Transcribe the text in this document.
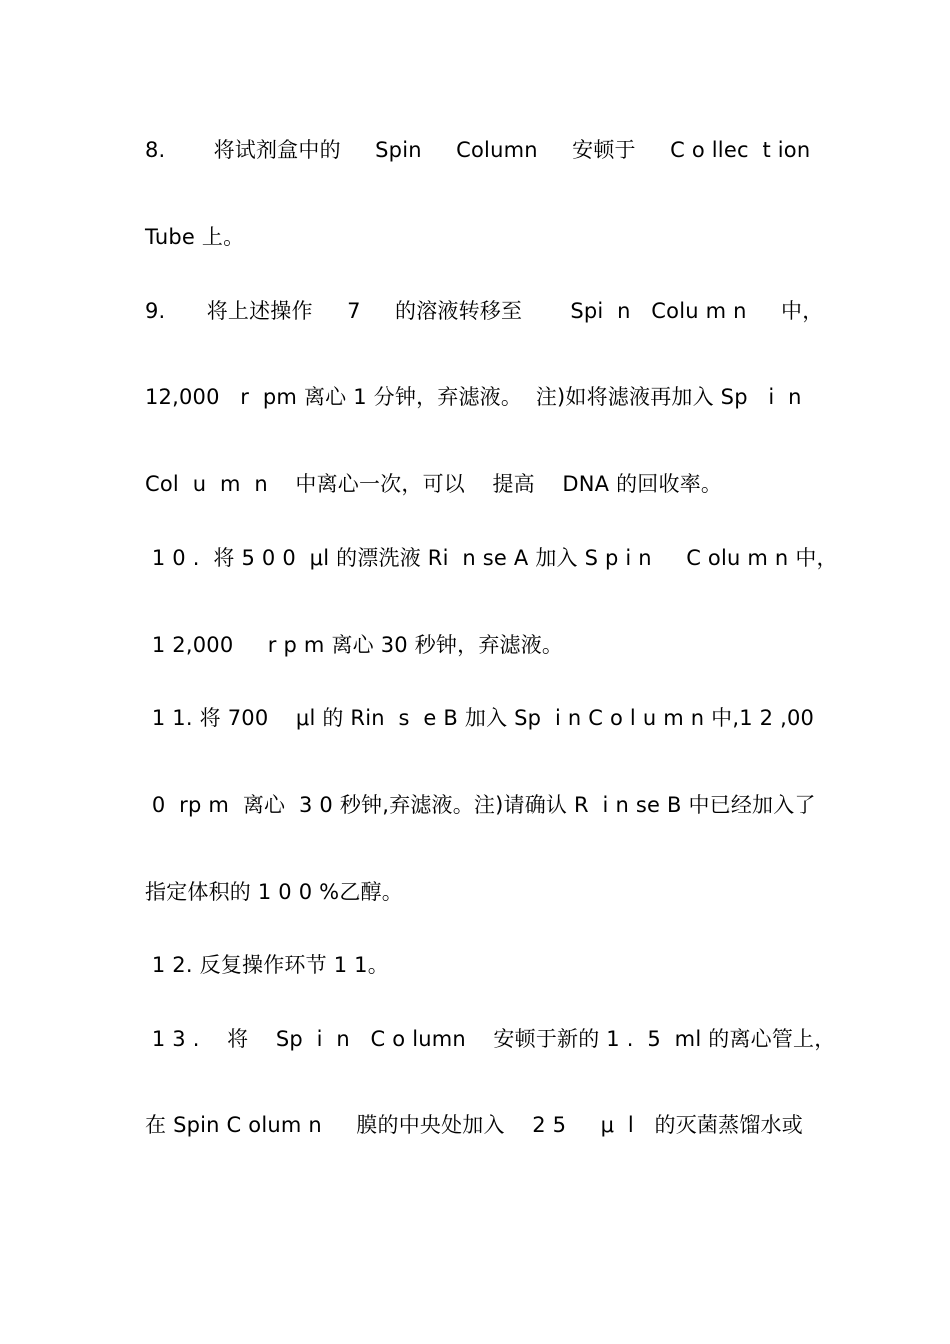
8.       将试剂盒中的     Spin     Column     安顿于     C o llec  t ion
Tube 上。
9.      将上述操作     7     的溶液转移至       Spi  n   Colu m n     中，
12,000   r  pm 离心 1 分钟，弃滤液。  注)如将滤液再加入 Sp   i  n
Col  u  m  n    中离心一次，可以    提高    DNA 的回收率。
1 0 .  将 5 0 0  μl 的漂洗液 Ri  n se A 加入 S p i n     C olu m n 中，
1 2,000     r p m 离心 30 秒钟，弃滤液。
1 1. 将 700    μl 的 Rin  s  e B 加入 Sp  i n C o l u m n 中,1 2 ,00
0  rp m  离心  3 0 秒钟,弃滤液。注)请确认 R  i n se B 中已经加入了
指定体积的 1 0 0 %乙醇。
1 2. 反复操作环节 1 1。
1 3 .    将    Sp  i  n   C o lumn    安顿于新的 1 .  5  ml 的离心管上，
在 Spin C olum n     膜的中央处加入    2 5     μ  l   的灭菌蒸馏水或
